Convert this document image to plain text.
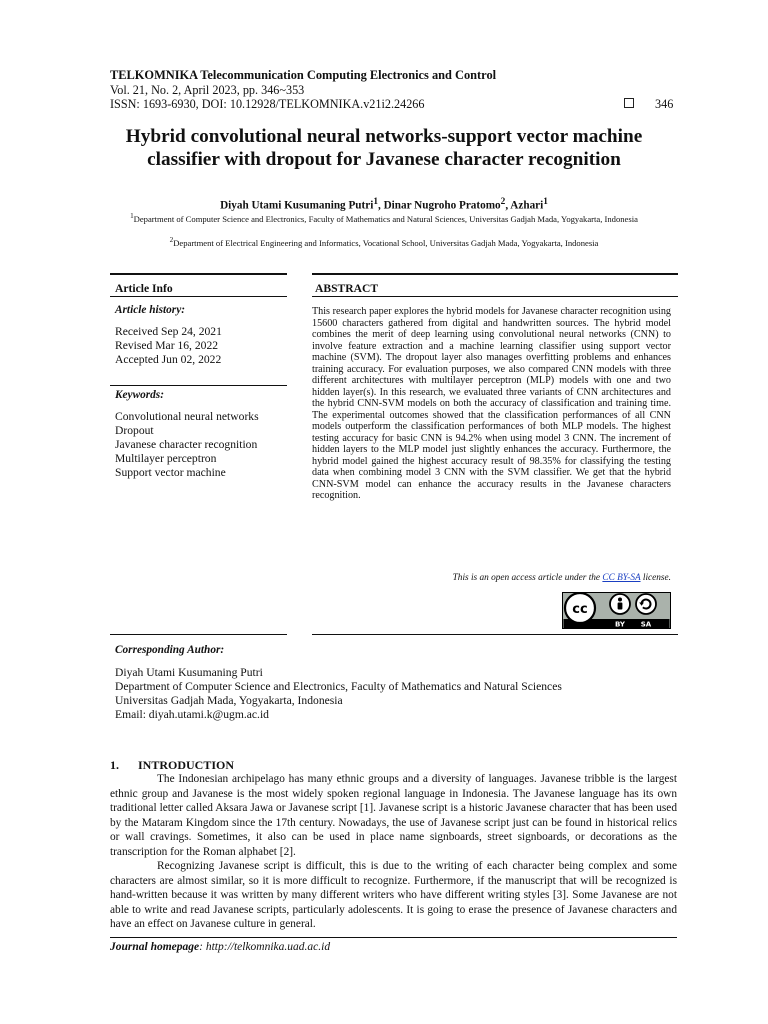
TELKOMNIKA Telecommunication Computing Electronics and Control
Vol. 21, No. 2, April 2023, pp. 346~353
ISSN: 1693-6930, DOI: 10.12928/TELKOMNIKA.v21i2.24266	346
Hybrid convolutional neural networks-support vector machine classifier with dropout for Javanese character recognition
Diyah Utami Kusumaning Putri$^1$, Dinar Nugroho Pratomo$^2$, Azhari$^1$
$^1$Department of Computer Science and Electronics, Faculty of Mathematics and Natural Sciences, Universitas Gadjah Mada, Yogyakarta, Indonesia
$^2$Department of Electrical Engineering and Informatics, Vocational School, Universitas Gadjah Mada, Yogyakarta, Indonesia
Article Info
Article history:
Received Sep 24, 2021
Revised Mar 16, 2022
Accepted Jun 02, 2022
Keywords:
Convolutional neural networks
Dropout
Javanese character recognition
Multilayer perceptron
Support vector machine
ABSTRACT
This research paper explores the hybrid models for Javanese character recognition using 15600 characters gathered from digital and handwritten sources. The hybrid model combines the merit of deep learning using convolutional neural networks (CNN) to involve feature extraction and a machine learning classifier using support vector machine (SVM). The dropout layer also manages overfitting problems and enhances training accuracy. For evaluation purposes, we also compared CNN models with three different architectures with multilayer perceptron (MLP) models with one and two hidden layer(s). In this research, we evaluated three variants of CNN architectures and the hybrid CNN-SVM models on both the accuracy of classification and training time. The experimental outcomes showed that the classification performances of all CNN models outperform the classification performances of both MLP models. The highest testing accuracy for basic CNN is 94.2% when using model 3 CNN. The increment of hidden layers to the MLP model just slightly enhances the accuracy. Furthermore, the hybrid model gained the highest accuracy result of 98.35% for classifying the testing data when combining model 3 CNN with the SVM classifier. We get that the hybrid CNN-SVM model can enhance the accuracy results in the Javanese characters recognition.
This is an open access article under the CC BY-SA license.
cc
BY SA
Corresponding Author:
Diyah Utami Kusumaning Putri
Department of Computer Science and Electronics, Faculty of Mathematics and Natural Sciences
Universitas Gadjah Mada, Yogyakarta, Indonesia
Email: diyah.utami.k@ugm.ac.id
1. INTRODUCTION
The Indonesian archipelago has many ethnic groups and a diversity of languages. Javanese tribble is the largest ethnic group and Javanese is the most widely spoken regional language in Indonesia. The Javanese language has its own traditional letter called Aksara Jawa or Javanese script [1]. Javanese script is a historic Javanese character that has been used by the Mataram Kingdom since the 17th century. Nowadays, the use of Javanese script just can be found in historical relics or wall cravings. Sometimes, it also can be used in place name signboards, street signboards, or decorations as the transcription for the Roman alphabet [2].
Recognizing Javanese script is difficult, this is due to the writing of each character being complex and some characters are almost similar, so it is more difficult to recognize. Furthermore, if the manuscript that will be recognized is hand-written because it was written by many different writers who have different writing styles [3]. Some Javanese are not able to write and read Javanese scripts, particularly adolescents. It is going to erase the presence of Javanese characters and have an effect on Javanese culture in general.
Journal homepage: http://telkomnika.uad.ac.id
